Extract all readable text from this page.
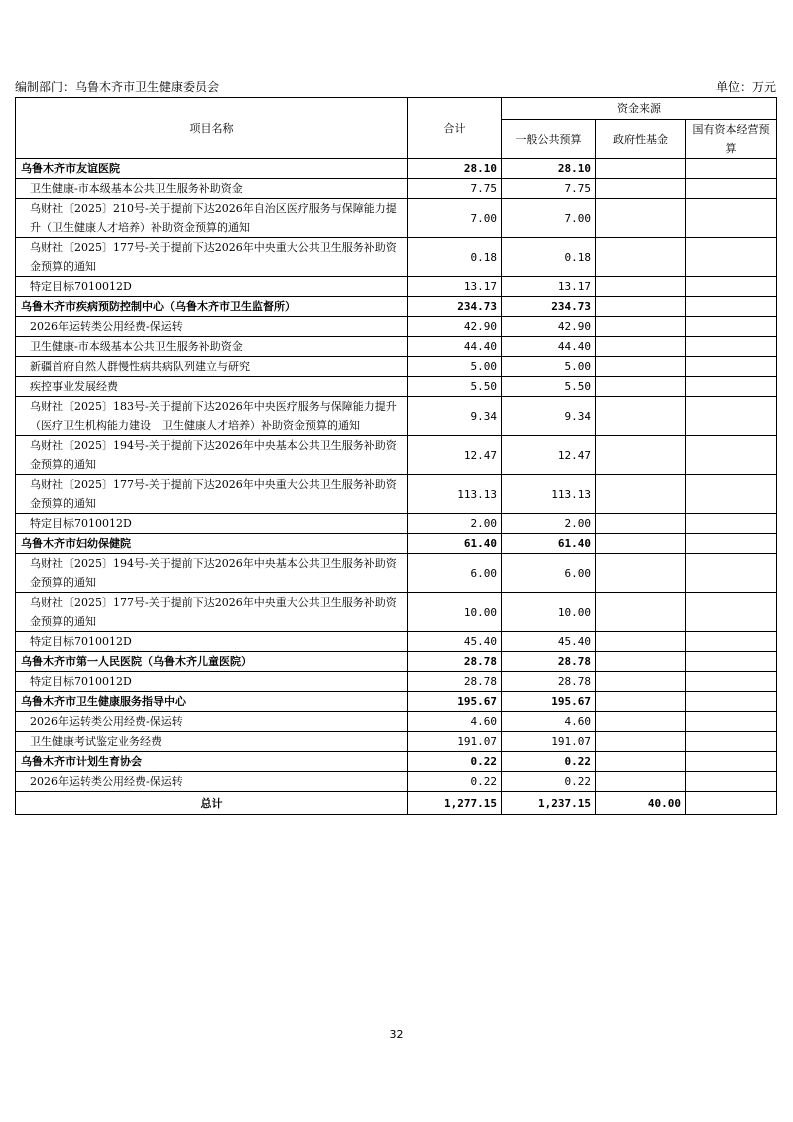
编制部门：乌鲁木齐市卫生健康委员会	单位：万元
项目名称	合计	资金来源		
		一般公共预算	政府性基金	国有资本经营预算
乌鲁木齐市友谊医院	28.10	28.10		
卫生健康-市本级基本公共卫生服务补助资金	7.75	7.75		
乌财社〔2025〕210号-关于提前下达2026年自治区医疗服务与保障能力提升（卫生健康人才培养）补助资金预算的通知	7.00	7.00		
乌财社〔2025〕177号-关于提前下达2026年中央重大公共卫生服务补助资金预算的通知	0.18	0.18		
特定目标7010012D	13.17	13.17		
乌鲁木齐市疾病预防控制中心（乌鲁木齐市卫生监督所）	234.73	234.73		
2026年运转类公用经费-保运转	42.90	42.90		
卫生健康-市本级基本公共卫生服务补助资金	44.40	44.40		
新疆首府自然人群慢性病共病队列建立与研究	5.00	5.00		
疾控事业发展经费	5.50	5.50		
乌财社〔2025〕183号-关于提前下达2026年中央医疗服务与保障能力提升（医疗卫生机构能力建设　卫生健康人才培养）补助资金预算的通知	9.34	9.34		
乌财社〔2025〕194号-关于提前下达2026年中央基本公共卫生服务补助资金预算的通知	12.47	12.47		
乌财社〔2025〕177号-关于提前下达2026年中央重大公共卫生服务补助资金预算的通知	113.13	113.13		
特定目标7010012D	2.00	2.00		
乌鲁木齐市妇幼保健院	61.40	61.40		
乌财社〔2025〕194号-关于提前下达2026年中央基本公共卫生服务补助资金预算的通知	6.00	6.00		
乌财社〔2025〕177号-关于提前下达2026年中央重大公共卫生服务补助资金预算的通知	10.00	10.00		
特定目标7010012D	45.40	45.40		
乌鲁木齐市第一人民医院（乌鲁木齐儿童医院）	28.78	28.78		
特定目标7010012D	28.78	28.78		
乌鲁木齐市卫生健康服务指导中心	195.67	195.67		
2026年运转类公用经费-保运转	4.60	4.60		
卫生健康考试鉴定业务经费	191.07	191.07		
乌鲁木齐市计划生育协会	0.22	0.22		
2026年运转类公用经费-保运转	0.22	0.22		
总计	1,277.15	1,237.15	40.00	
32
